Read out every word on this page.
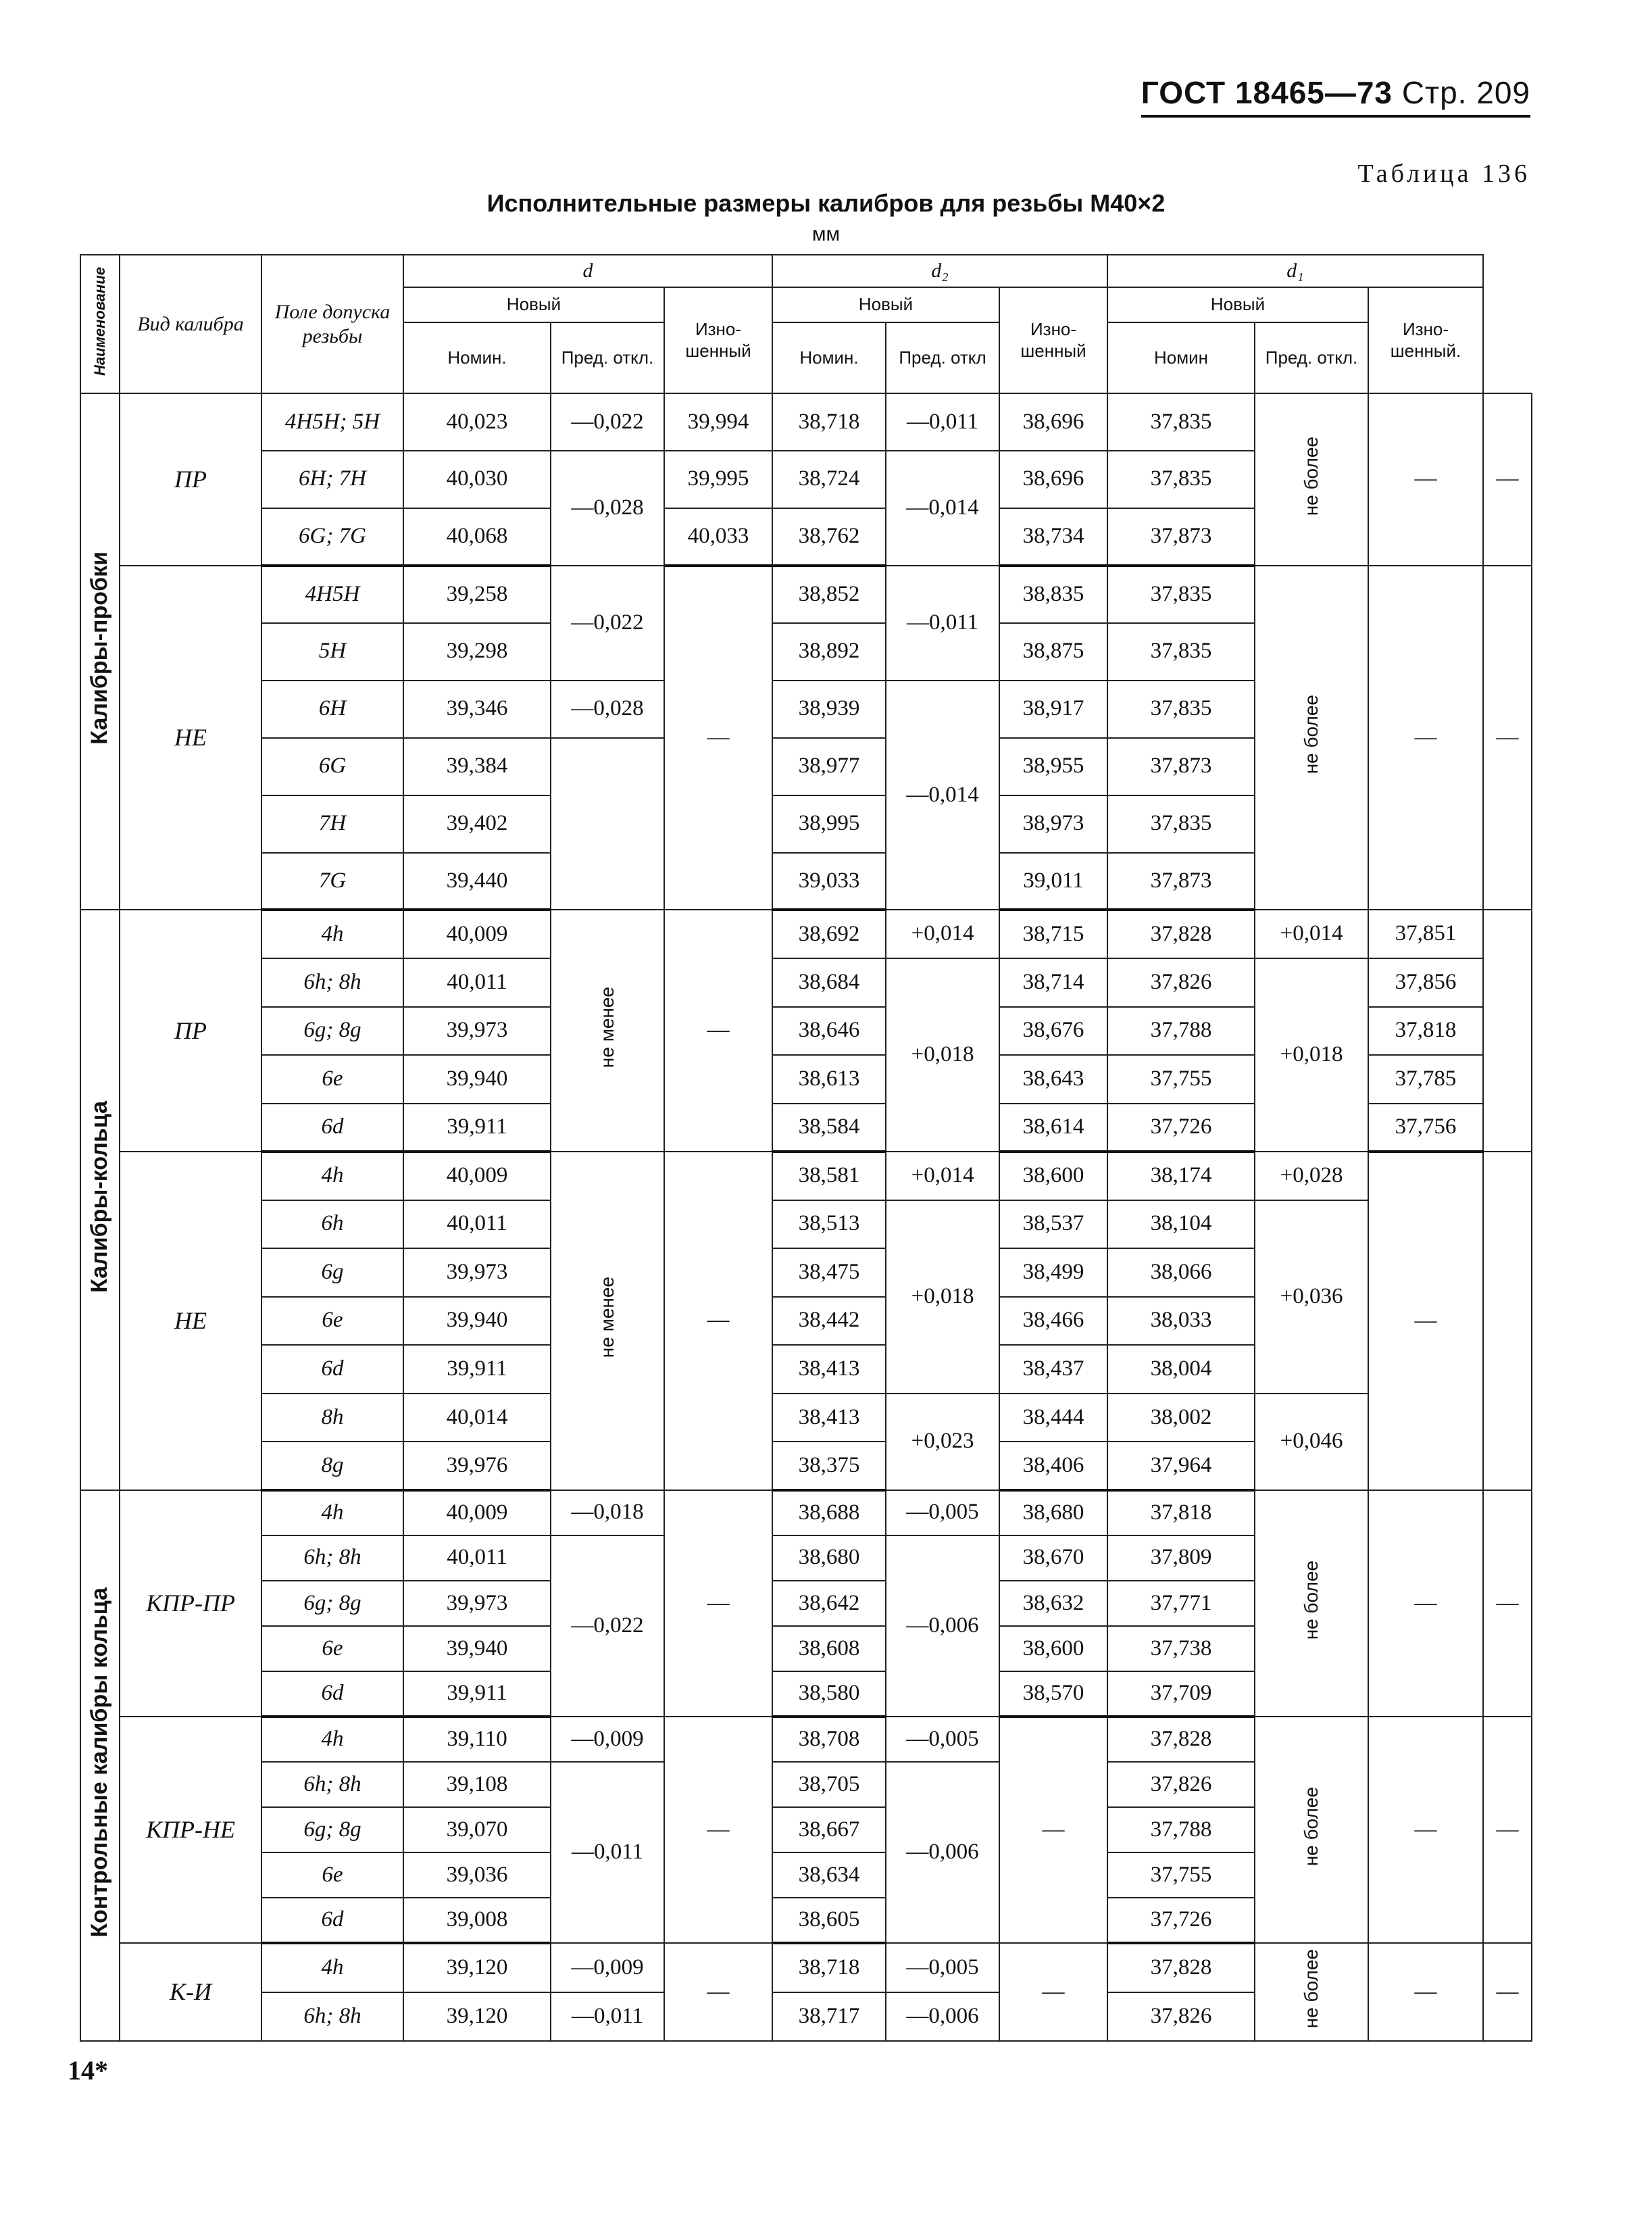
ГОСТ 18465—73 Стр. 209
Таблица 136
Исполнительные размеры калибров для резьбы M40×2
мм
Наименование	Вид калибра	Поле допуска резьбы	d			d₂			d₁			
			Новый		Изно-шенный	Новый		Изно-шенный	Новый		Изно-шенный.	
			Номин.	Пред. откл.		Номин.	Пред. откл		Номин	Пред. откл.		
Калибры-пробки	ПР	4H5H; 5H	40,023	—0,022	39,994	38,718	—0,011	38,696	37,835	не более	—	—
		6H; 7H	40,030	—0,028	39,995	38,724	—0,014	38,696	37,835			
		6G; 7G	40,068		40,033	38,762		38,734	37,873			
	НЕ	4H5H	39,258	—0,022	—	38,852	—0,011	38,835	37,835	не более	—	—
		5H	39,298			38,892		38,875	37,835			
		6H	39,346	—0,028		38,939	—0,014	38,917	37,835			
		6G	39,384			38,977		38,955	37,873			
		7H	39,402			38,995		38,973	37,835			
		7G	39,440			39,033		39,011	37,873			
Калибры-кольца	ПР	4h	40,009	не менее	—	38,692	+0,014	38,715	37,828	+0,014	37,851	
		6h; 8h	40,011			38,684	+0,018	38,714	37,826	+0,018	37,856	
		6g; 8g	39,973			38,646		38,676	37,788		37,818	
		6e	39,940			38,613		38,643	37,755		37,785	
		6d	39,911			38,584		38,614	37,726		37,756	
	НЕ	4h	40,009	не менее	—	38,581	+0,014	38,600	38,174	+0,028	—	
		6h	40,011			38,513	+0,018	38,537	38,104	+0,036		
		6g	39,973			38,475		38,499	38,066			
		6e	39,940			38,442		38,466	38,033			
		6d	39,911			38,413		38,437	38,004			
		8h	40,014			38,413	+0,023	38,444	38,002	+0,046		
		8g	39,976			38,375		38,406	37,964			
Контрольные калибры кольца	КПР-ПР	4h	40,009	—0,018	—	38,688	—0,005	38,680	37,818	не более	—	—
		6h; 8h	40,011	—0,022		38,680	—0,006	38,670	37,809			
		6g; 8g	39,973			38,642		38,632	37,771			
		6e	39,940			38,608		38,600	37,738			
		6d	39,911			38,580		38,570	37,709			
	КПР-НЕ	4h	39,110	—0,009	—	38,708	—0,005	—	37,828	не более	—	—
		6h; 8h	39,108	—0,011		38,705	—0,006		37,826			
		6g; 8g	39,070			38,667			37,788			
		6e	39,036			38,634			37,755			
		6d	39,008			38,605			37,726			
	К-И	4h	39,120	—0,009	—	38,718	—0,005	—	37,828	не более	—	—
		6h; 8h	39,120	—0,011		38,717	—0,006		37,826			
14*
